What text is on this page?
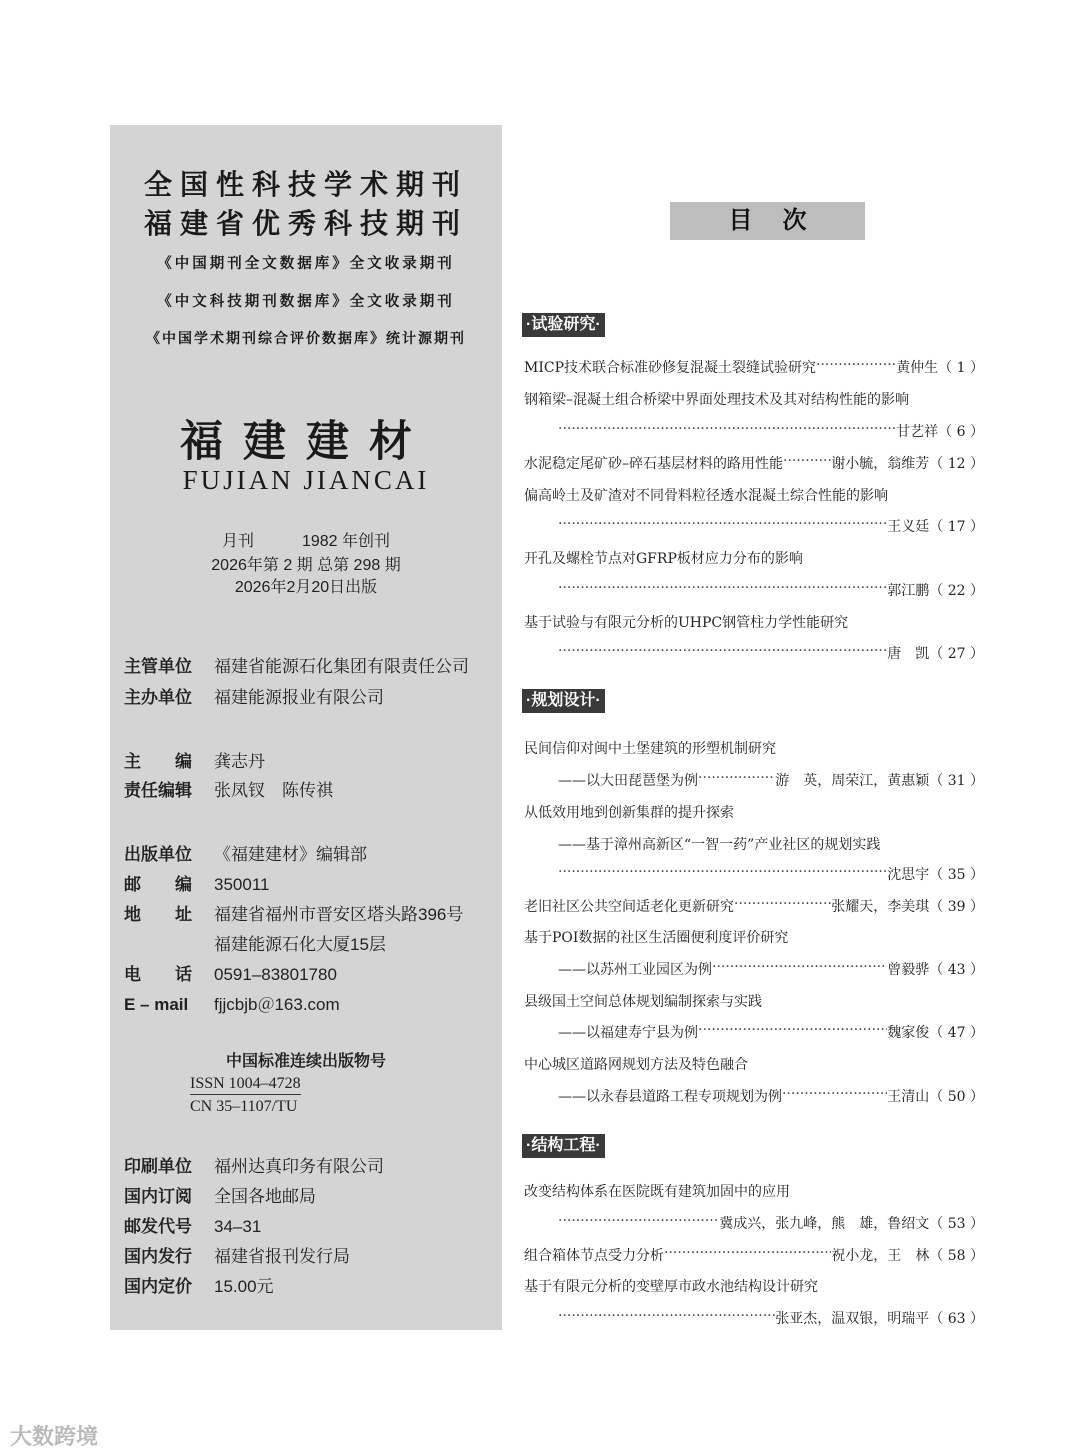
全国性科技学术期刊
福建省优秀科技期刊
《中国期刊全文数据库》全文收录期刊
《中文科技期刊数据库》全文收录期刊
《中国学术期刊综合评价数据库》统计源期刊
福建建材
FUJIAN JIANCAI
月刊	1982 年创刊
2026年第 2 期 总第 298 期
2026年2月20日出版
主管单位 福建省能源石化集团有限责任公司
主办单位 福建能源报业有限公司
主　　编 龚志丹
责任编辑 张凤钗　陈传祺
出版单位 《福建建材》编辑部
邮　　编 350011
地　　址 福建省福州市晋安区塔头路396号
福建能源石化大厦15层
电　　话 0591–83801780
E – mail fjjcbjb＠163.com
中国标准连续出版物号
ISSN 1004–4728
CN 35–1107/TU
印刷单位 福州达真印务有限公司
国内订阅 全国各地邮局
邮发代号 34–31
国内发行 福建省报刊发行局
国内定价 15.00元
目次
·试验研究·
·规划设计·
·结构工程·
MICP技术联合标准砂修复混凝土裂缝试验研究 ·····	黄仲生（ 1 ）
钢箱梁–混凝土组合桥梁中界面处理技术及其对结构性能的影响
·····
甘艺祥（ 6 ）
水泥稳定尾矿砂–碎石基层材料的路用性能 ·····	谢小毓，翁维芳（ 12 ）
偏高岭土及矿渣对不同骨料粒径透水混凝土综合性能的影响
·····
王义廷（ 17 ）
开孔及螺栓节点对GFRP板材应力分布的影响
·····
郭江鹏（ 22 ）
基于试验与有限元分析的UHPC钢管柱力学性能研究
·····
唐　凯（ 27 ）
民间信仰对闽中土堡建筑的形塑机制研究
——以大田琵琶堡为例 ·····	游　英，周荣江，黄惠颖（ 31 ）
从低效用地到创新集群的提升探索
——基于漳州高新区“一智一药”产业社区的规划实践
·····
沈思宇（ 35 ）
老旧社区公共空间适老化更新研究 ·····	张耀天，李美琪（ 39 ）
基于POI数据的社区生活圈便利度评价研究
——以苏州工业园区为例 ·····	曾毅骅（ 43 ）
县级国土空间总体规划编制探索与实践
——以福建寿宁县为例 ·····	魏家俊（ 47 ）
中心城区道路网规划方法及特色融合
——以永春县道路工程专项规划为例 ·····	王清山（ 50 ）
改变结构体系在医院既有建筑加固中的应用
·····
冀成兴，张九峰，熊　雄，鲁绍文（ 53 ）
组合箱体节点受力分析 ·····	祝小龙，王　林（ 58 ）
基于有限元分析的变壁厚市政水池结构设计研究
·····
张亚杰，温双银，明瑞平（ 63 ）
大数跨境
